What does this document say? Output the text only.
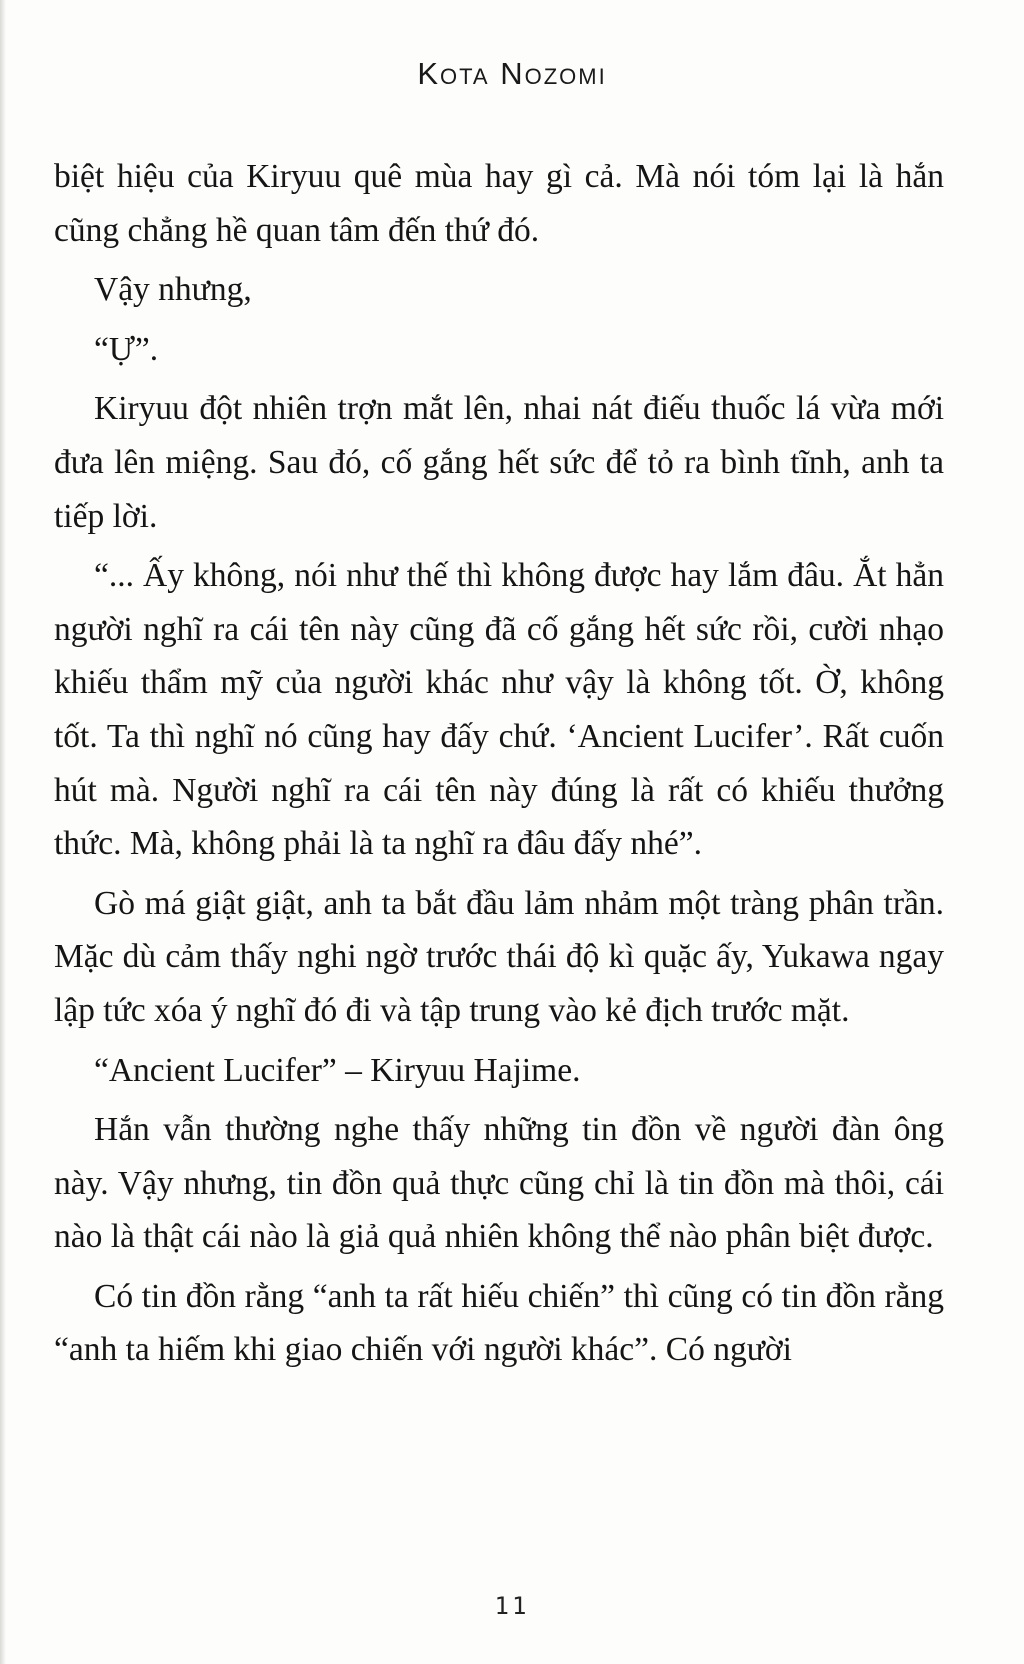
Kota Nozomi

biệt hiệu của Kiryuu quê mùa hay gì cả. Mà nói tóm lại là hắn cũng chẳng hề quan tâm đến thứ đó.

Vậy nhưng,

“Ự”.

Kiryuu đột nhiên trợn mắt lên, nhai nát điếu thuốc lá vừa mới đưa lên miệng. Sau đó, cố gắng hết sức để tỏ ra bình tĩnh, anh ta tiếp lời.

“... Ấy không, nói như thế thì không được hay lắm đâu. Ắt hẳn người nghĩ ra cái tên này cũng đã cố gắng hết sức rồi, cười nhạo khiếu thẩm mỹ của người khác như vậy là không tốt. Ờ, không tốt. Ta thì nghĩ nó cũng hay đấy chứ. ‘Ancient Lucifer’. Rất cuốn hút mà. Người nghĩ ra cái tên này đúng là rất có khiếu thưởng thức. Mà, không phải là ta nghĩ ra đâu đấy nhé”.

Gò má giật giật, anh ta bắt đầu lảm nhảm một tràng phân trần. Mặc dù cảm thấy nghi ngờ trước thái độ kì quặc ấy, Yukawa ngay lập tức xóa ý nghĩ đó đi và tập trung vào kẻ địch trước mặt.

“Ancient Lucifer” – Kiryuu Hajime.

Hắn vẫn thường nghe thấy những tin đồn về người đàn ông này. Vậy nhưng, tin đồn quả thực cũng chỉ là tin đồn mà thôi, cái nào là thật cái nào là giả quả nhiên không thể nào phân biệt được.

Có tin đồn rằng “anh ta rất hiếu chiến” thì cũng có tin đồn rằng “anh ta hiếm khi giao chiến với người khác”. Có người

11
